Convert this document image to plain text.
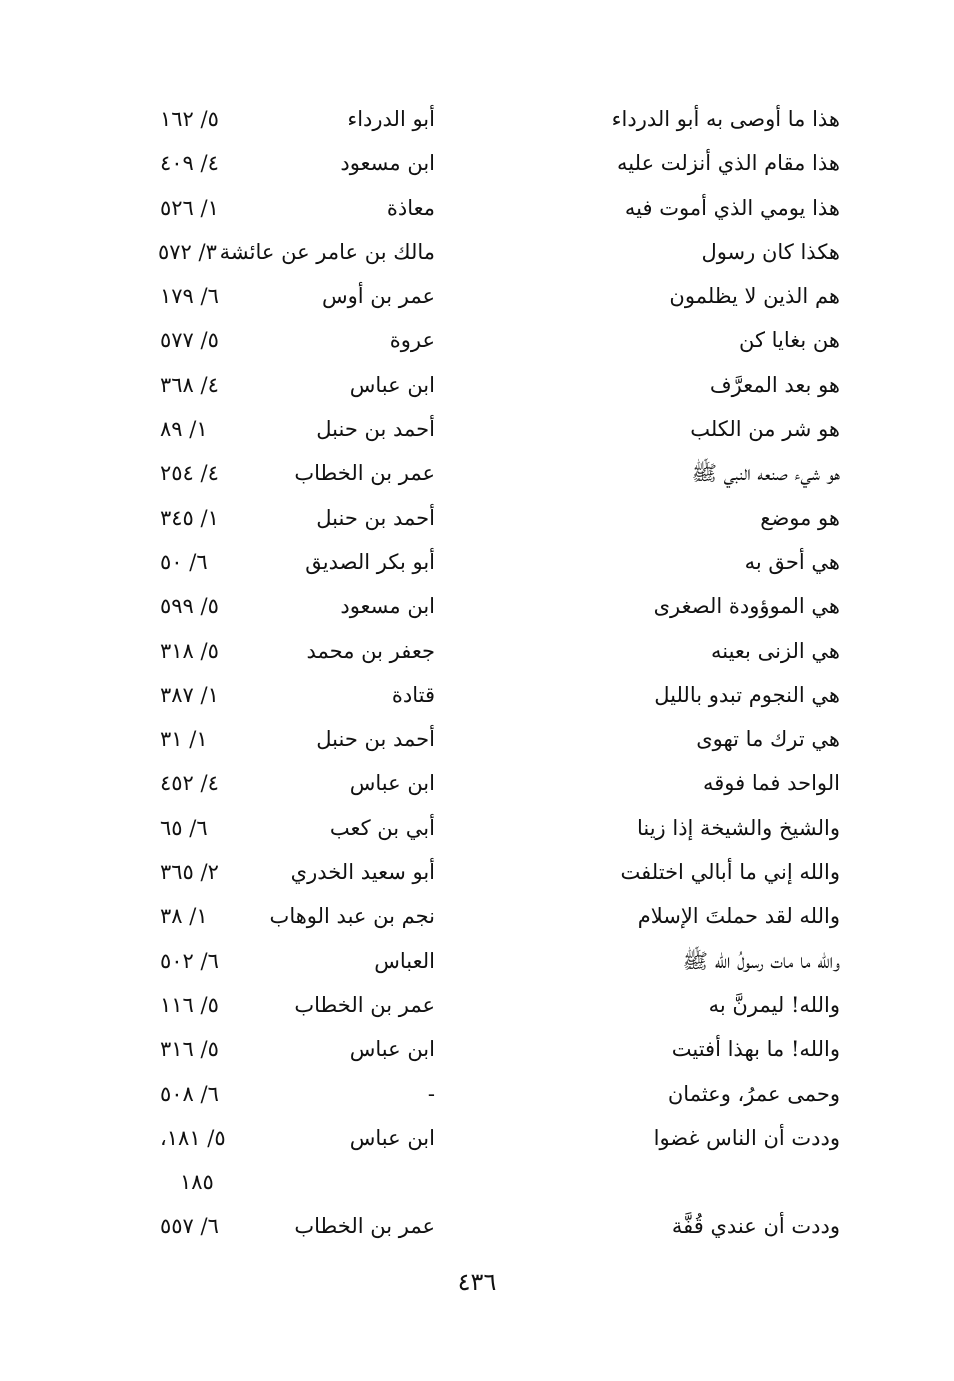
هذا ما أوصى به أبو الدرداء
أبو الدرداء
٥/ ١٦٢
هذا مقام الذي أنزلت عليه
ابن مسعود
٤/ ٤٠٩
هذا يومي الذي أموت فيه
معاذة
١/ ٥٢٦
هكذا كان رسول
مالك بن عامر عن عائشة
٣/ ٥٧٢
هم الذين لا يظلمون
عمر بن أوس
٦/ ١٧٩
هن بغايا كن
عروة
٥/ ٥٧٧
هو بعد المعرَّف
ابن عباس
٤/ ٣٦٨
هو شر من الكلب
أحمد بن حنبل
١/ ٨٩
هو شيء صنعه النبي ﷺ
عمر بن الخطاب
٤/ ٢٥٤
هو موضع
أحمد بن حنبل
١/ ٣٤٥
هي أحق به
أبو بكر الصديق
٦/ ٥٠
هي الموؤودة الصغرى
ابن مسعود
٥/ ٥٩٩
هي الزنى بعينه
جعفر بن محمد
٥/ ٣١٨
هي النجوم تبدو بالليل
قتادة
١/ ٣٨٧
هي ترك ما تهوى
أحمد بن حنبل
١/ ٣١
الواحد فما فوقه
ابن عباس
٤/ ٤٥٢
والشيخ والشيخة إذا زينا
أبي بن كعب
٦/ ٦٥
والله إني ما أبالي اختلفت
أبو سعيد الخدري
٢/ ٣٦٥
والله لقد حملتَ الإسلام
نجم بن عبد الوهاب
١/ ٣٨
والله ما مات رسولُ الله ﷺ
العباس
٦/ ٥٠٢
والله! ليمرنَّ به
عمر بن الخطاب
٥/ ١١٦
والله! ما بهذا أفتيت
ابن عباس
٥/ ٣١٦
وحمى عمرُ، وعثمان
-
٦/ ٥٠٨
وددت أن الناس غضوا
ابن عباس
٥/ ١٨١،
١٨٥
وددت أن عندي قُفَّة
عمر بن الخطاب
٦/ ٥٥٧
٤٣٦
